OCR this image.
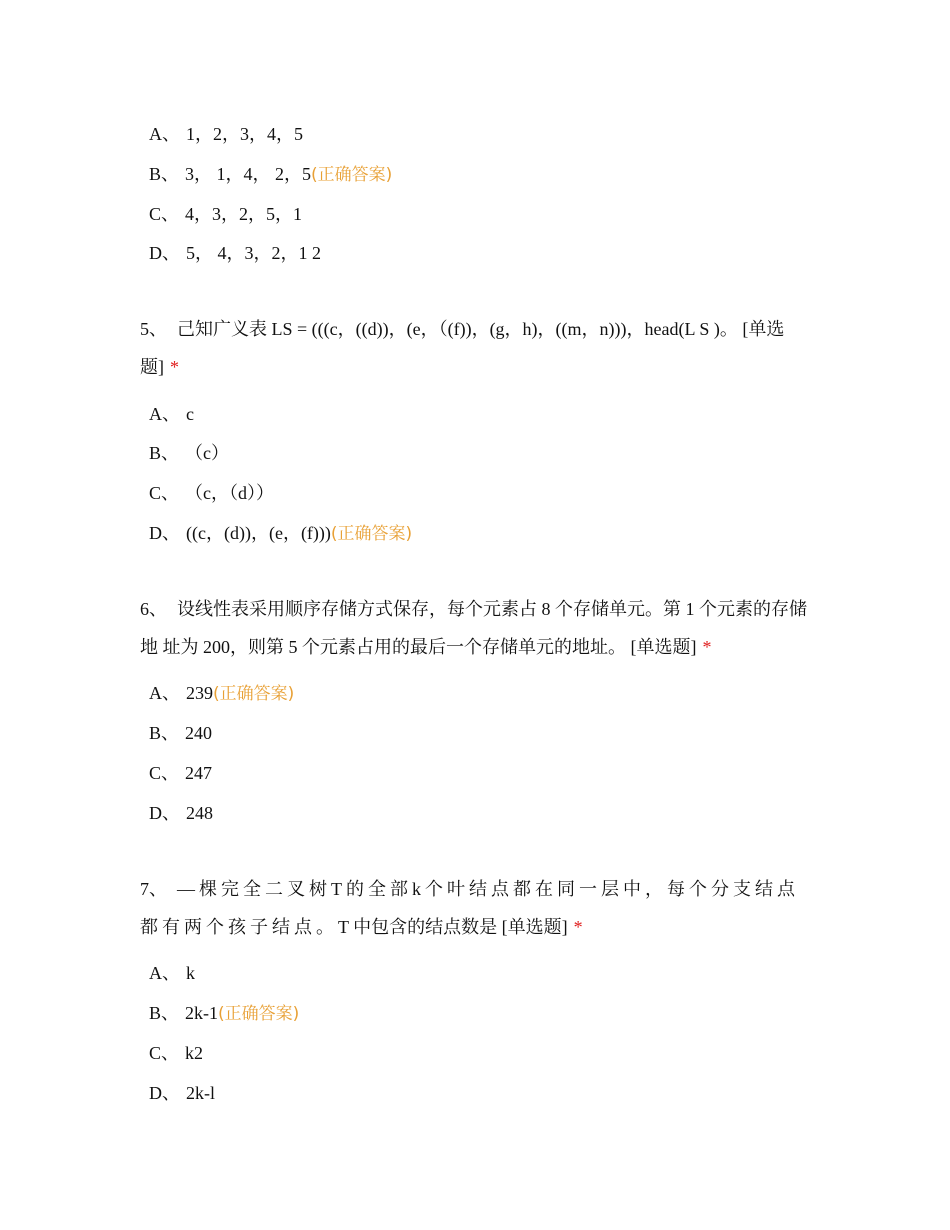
A、 1，2，3，4，5
B、 3， 1，4， 2，5(正确答案)
C、 4，3，2，5，1
D、 5， 4，3，2，1 2
5、 己知广义表 LS = (((c，((d))，(e，（(f))，(g，h)，((m，n)))，head(L S )。 [单选题] *
A、 c
B、 （c）
C、 （c，（d））
D、 ((c，(d))，(e，(f)))(正确答案)
6、 设线性表采用顺序存储方式保存，每个元素占 8 个存储单元。第 1 个元素的存储地 址为 200，则第 5 个元素占用的最后一个存储单元的地址。 [单选题] *
A、 239(正确答案)
B、 240
C、 247
D、 248
7、 —棵完全二叉树T的全部k个叶结点都在同一层中，每个分支结点都有两个孩子结点。T 中包含的结点数是 [单选题] *
A、 k
B、 2k-1(正确答案)
C、 k2
D、 2k-l
